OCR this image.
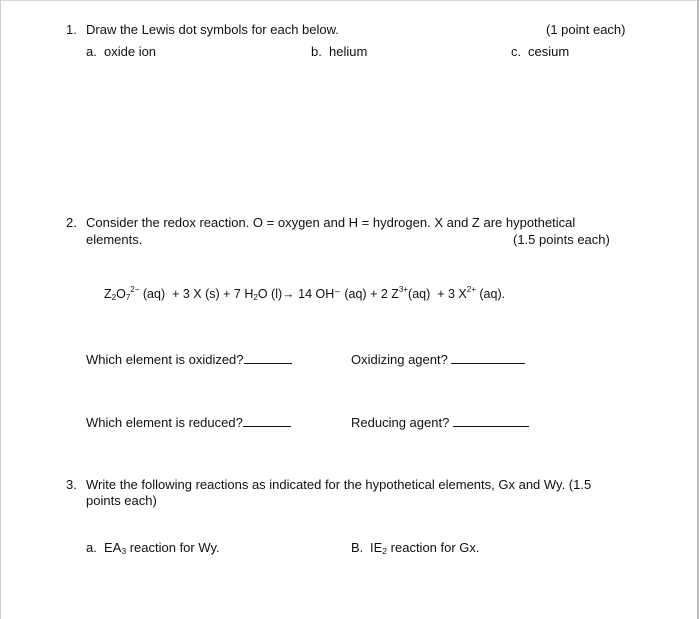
1. Draw the Lewis dot symbols for each below.	(1 point each)
a. oxide ion	b. helium	c. cesium
2. Consider the redox reaction. O = oxygen and H = hydrogen. X and Z are hypothetical
elements.	(1.5 points each)
$Z_2O_7^{2-}$ (aq) + 3 X (s) + 7 $H_2O$ (l)→ 14 OH⁻ (aq) + 2 $Z^{3+}(aq) + 3$ $X^{2+}$ (aq).
Which element is oxidized?	Oxidizing agent?
Which element is reduced?	Reducing agent?
3. Write the following reactions as indicated for the hypothetical elements, Gx and Wy. (1.5
points each)
a. $EA_3$ reaction for Wy.	B. $IE_2$ reaction for Gx.
